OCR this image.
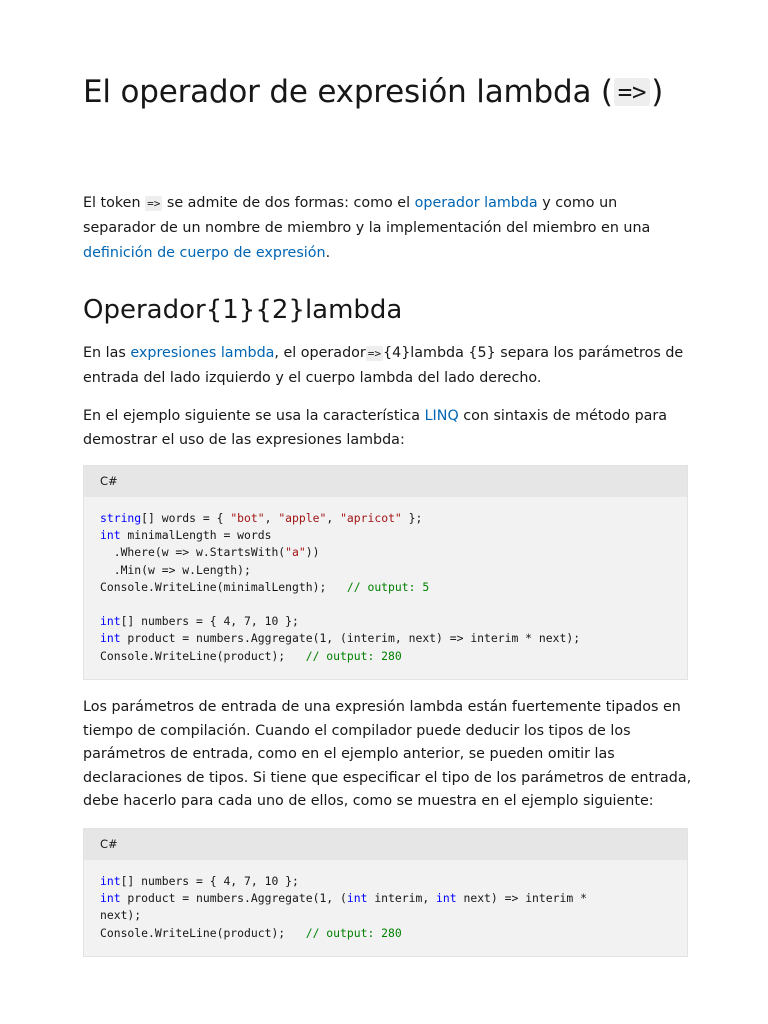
El operador de expresión lambda ( => )

El token => se admite de dos formas: como el operador lambda y como un separador de un nombre de miembro y la implementación del miembro en una definición de cuerpo de expresión.

Operador{1}{2}lambda

En las expresiones lambda, el operador => {4}lambda {5} separa los parámetros de entrada del lado izquierdo y el cuerpo lambda del lado derecho.

En el ejemplo siguiente se usa la característica LINQ con sintaxis de método para demostrar el uso de las expresiones lambda:

C#
string[] words = { "bot", "apple", "apricot" };
int minimalLength = words
.Where(w => w.StartsWith("a"))
.Min(w => w.Length);
Console.WriteLine(minimalLength);   // output: 5

int[] numbers = { 4, 7, 10 };
int product = numbers.Aggregate(1, (interim, next) => interim * next);
Console.WriteLine(product);   // output: 280

Los parámetros de entrada de una expresión lambda están fuertemente tipados en tiempo de compilación. Cuando el compilador puede deducir los tipos de los parámetros de entrada, como en el ejemplo anterior, se pueden omitir las declaraciones de tipos. Si tiene que especificar el tipo de los parámetros de entrada, debe hacerlo para cada uno de ellos, como se muestra en el ejemplo siguiente:

C#
int[] numbers = { 4, 7, 10 };
int product = numbers.Aggregate(1, (int interim, int next) => interim *
next);
Console.WriteLine(product);   // output: 280
